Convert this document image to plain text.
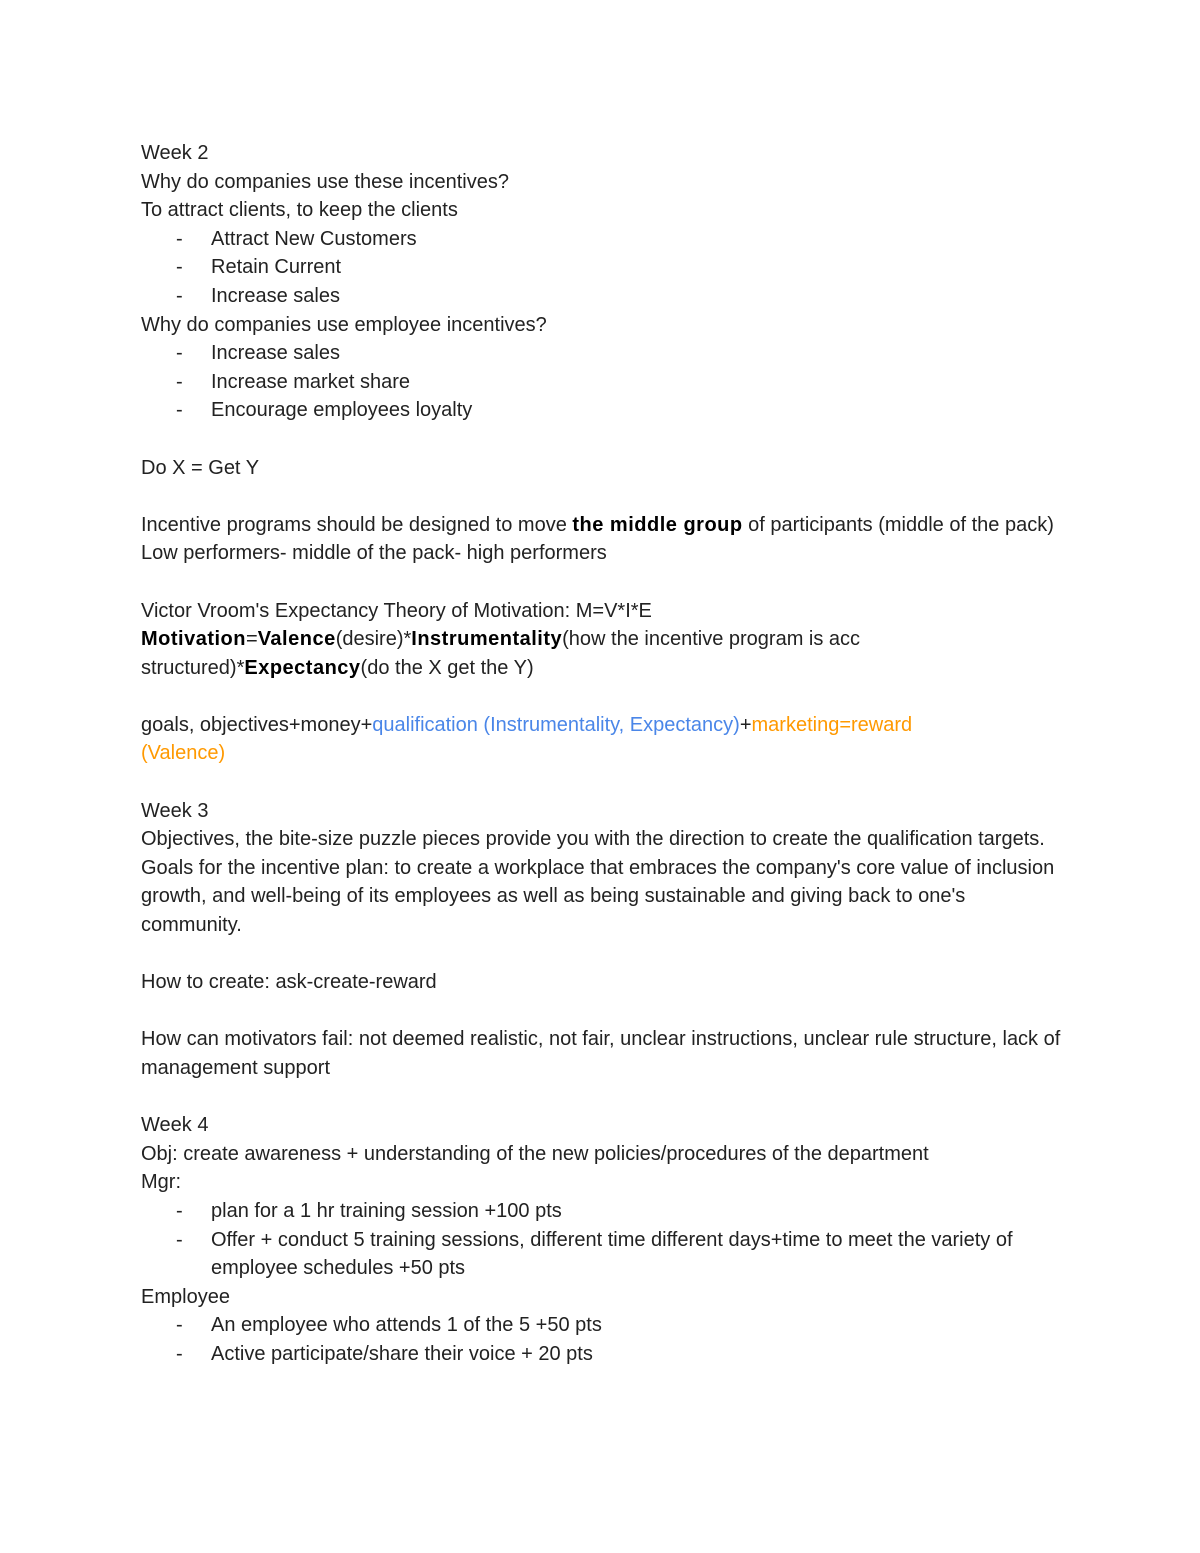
Week 2
Why do companies use these incentives?
To attract clients, to keep the clients
- Attract New Customers
- Retain Current
- Increase sales
Why do companies use employee incentives?
- Increase sales
- Increase market share
- Encourage employees loyalty
Do X = Get Y
Incentive programs should be designed to move the middle group of participants (middle of the pack) Low performers- middle of the pack- high performers
Victor Vroom's Expectancy Theory of Motivation: M=V*I*E
Motivation=Valence(desire)*Instrumentality(how the incentive program is acc structured)*Expectancy(do the X get the Y)
goals, objectives+money+qualification (Instrumentality, Expectancy)+marketing=reward (Valence)
Week 3
Objectives, the bite-size puzzle pieces provide you with the direction to create the qualification targets.
Goals for the incentive plan: to create a workplace that embraces the company's core value of inclusion growth, and well-being of its employees as well as being sustainable and giving back to one's community.
How to create: ask-create-reward
How can motivators fail: not deemed realistic, not fair, unclear instructions, unclear rule structure, lack of management support
Week 4
Obj: create awareness + understanding of the new policies/procedures of the department
Mgr:
- plan for a 1 hr training session +100 pts
- Offer + conduct 5 training sessions, different time different days+time to meet the variety of employee schedules +50 pts
Employee
- An employee who attends 1 of the 5 +50 pts
- Active participate/share their voice + 20 pts
